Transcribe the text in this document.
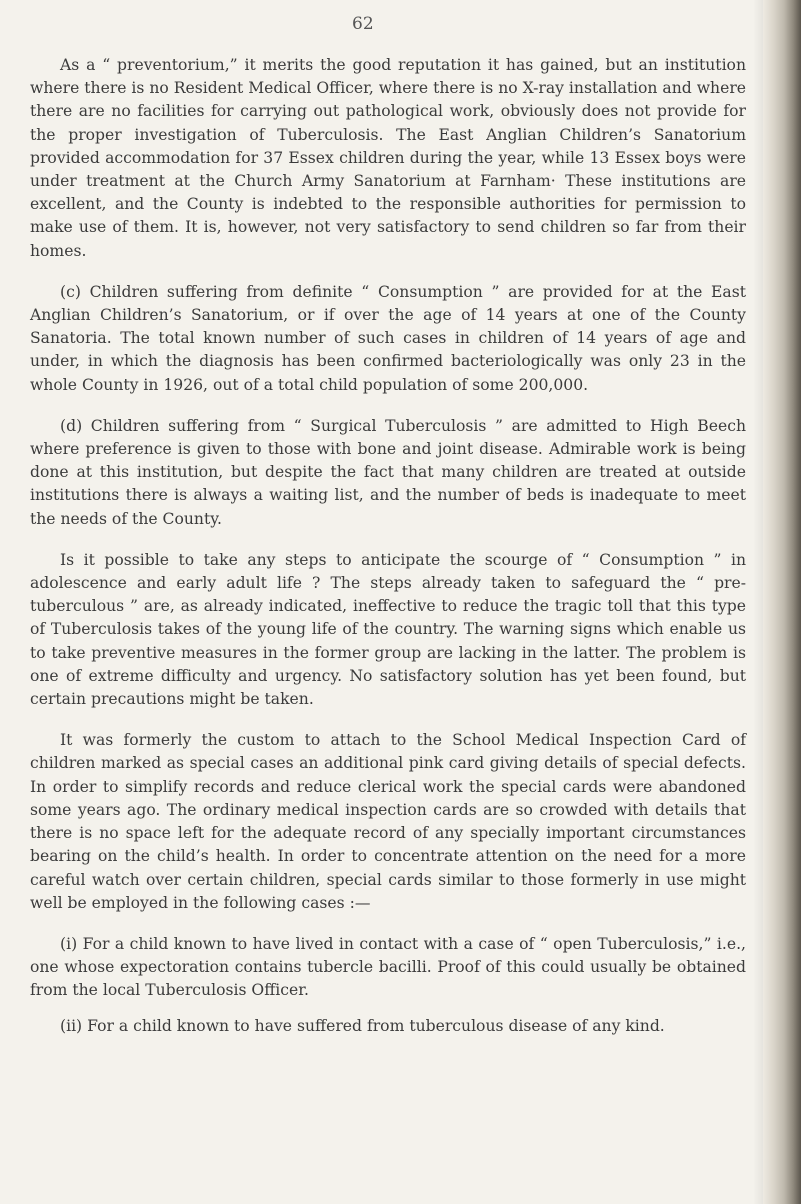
62

As a “ preventorium,” it merits the good reputation it has gained, but an institution where there is no Resident Medical Officer, where there is no X-ray installation and where there are no facilities for carrying out pathological work, obviously does not provide for the proper investigation of Tuberculosis. The East Anglian Children’s Sanatorium provided accommodation for 37 Essex children during the year, while 13 Essex boys were under treatment at the Church Army Sanatorium at Farnham· These institutions are excellent, and the County is indebted to the responsible authorities for permission to make use of them. It is, however, not very satisfactory to send children so far from their homes.

(c) Children suffering from definite “ Consumption ” are provided for at the East Anglian Children’s Sanatorium, or if over the age of 14 years at one of the County Sanatoria. The total known number of such cases in children of 14 years of age and under, in which the diagnosis has been confirmed bacteriologically was only 23 in the whole County in 1926, out of a total child population of some 200,000.

(d) Children suffering from “ Surgical Tuberculosis ” are admitted to High Beech where preference is given to those with bone and joint disease. Admirable work is being done at this institution, but despite the fact that many children are treated at outside institutions there is always a waiting list, and the number of beds is inadequate to meet the needs of the County.

Is it possible to take any steps to anticipate the scourge of “ Consumption ” in adolescence and early adult life ? The steps already taken to safeguard the “ pre-tuberculous ” are, as already indicated, ineffective to reduce the tragic toll that this type of Tuberculosis takes of the young life of the country. The warning signs which enable us to take preventive measures in the former group are lacking in the latter. The problem is one of extreme difficulty and urgency. No satisfactory solution has yet been found, but certain precautions might be taken.

It was formerly the custom to attach to the School Medical Inspection Card of children marked as special cases an additional pink card giving details of special defects. In order to simplify records and reduce clerical work the special cards were abandoned some years ago. The ordinary medical inspection cards are so crowded with details that there is no space left for the adequate record of any specially important circumstances bearing on the child’s health. In order to concentrate attention on the need for a more careful watch over certain children, special cards similar to those formerly in use might well be employed in the following cases :—

(i) For a child known to have lived in contact with a case of “ open Tuberculosis,” i.e., one whose expectoration contains tubercle bacilli. Proof of this could usually be obtained from the local Tuberculosis Officer.

(ii) For a child known to have suffered from tuberculous disease of any kind.
